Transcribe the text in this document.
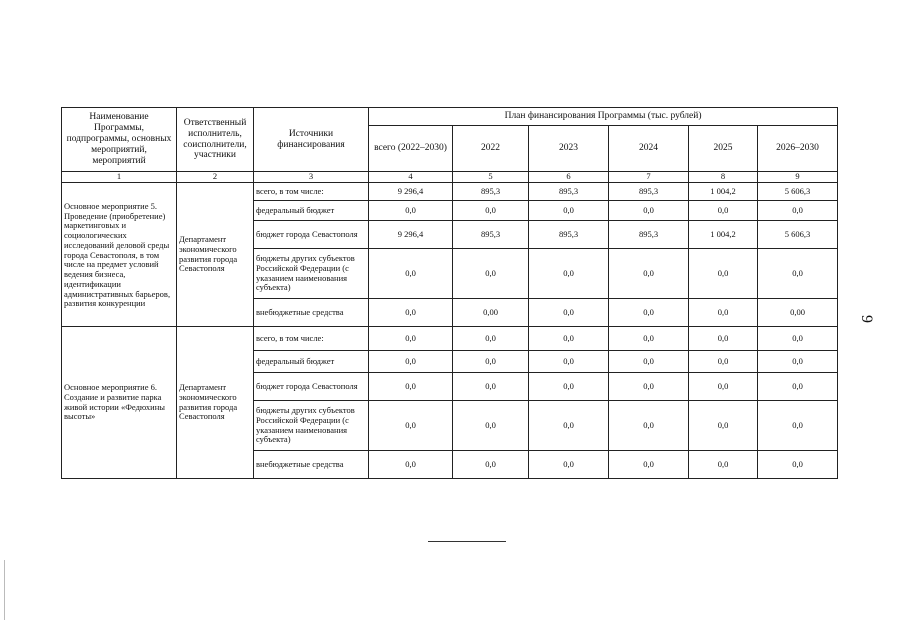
Наименование Программы, подпрограммы, основных мероприятий, мероприятий	Ответственный исполнитель, соисполнители, участники	Источники финансирования	План финансирования Программы (тыс. рублей)					
			всего (2022–2030)	2022	2023	2024	2025	2026–2030
1	2	3	4	5	6	7	8	9
Основное мероприятие 5. Проведение (приобретение) маркетинговых и социологических исследований деловой среды города Севастополя, в том числе на предмет условий ведения бизнеса, идентификации административных барьеров, развития конкуренции	Департамент экономического развития города Севастополя	всего, в том числе:	9 296,4	895,3	895,3	895,3	1 004,2	5 606,3
		федеральный бюджет	0,0	0,0	0,0	0,0	0,0	0,0
		бюджет города Севастополя	9 296,4	895,3	895,3	895,3	1 004,2	5 606,3
		бюджеты других субъектов Российской Федерации (с указанием наименования субъекта)	0,0	0,0	0,0	0,0	0,0	0,0
		внебюджетные средства	0,0	0,00	0,0	0,0	0,0	0,00
Основное мероприятие 6. Создание и развитие парка живой истории «Федюхины высоты»	Департамент экономического развития города Севастополя	всего, в том числе:	0,0	0,0	0,0	0,0	0,0	0,0
		федеральный бюджет	0,0	0,0	0,0	0,0	0,0	0,0
		бюджет города Севастополя	0,0	0,0	0,0	0,0	0,0	0,0
		бюджеты других субъектов Российской Федерации (с указанием наименования субъекта)	0,0	0,0	0,0	0,0	0,0	0,0
		внебюджетные средства	0,0	0,0	0,0	0,0	0,0	0,0
9
